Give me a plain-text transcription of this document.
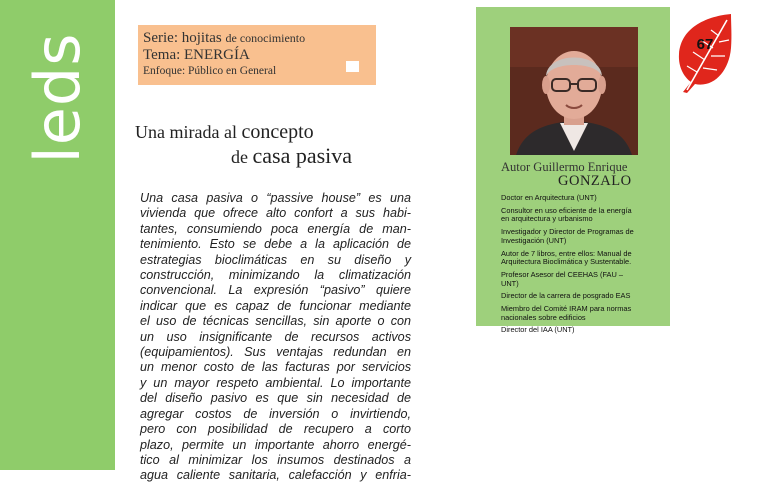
leds	Serie: hojitas de conocimiento
Tema: ENERGÍA
Enfoque: Público en General
Una mirada al concepto
de casa pasiva
Una casa pasiva o “passive house” es una
vivienda que ofrece alto confort a sus habi-
tantes, consumiendo poca energía de man-
tenimiento. Esto se debe a la aplicación de
estrategias bioclimáticas en su diseño y
construcción, minimizando la climatización
convencional. La expresión “pasivo” quiere
indicar que es capaz de funcionar mediante
el uso de técnicas sencillas, sin aporte o con
un uso insignificante de recursos activos
(equipamientos). Sus ventajas redundan en
un menor costo de las facturas por servicios
y un mayor respeto ambiental. Lo importante
del diseño pasivo es que sin necesidad de
agregar costos de inversión o invirtiendo,
pero con posibilidad de recupero a corto
plazo, permite un importante ahorro energé-
tico al minimizar los insumos destinados a
agua caliente sanitaria, calefacción y enfria-
Autor Guillermo Enrique
GONZALO
Doctor en Arquitectura (UNT)
Consultor en uso eficiente de la energía
en arquitectura y urbanismo
Investigador y Director de Programas de
Investigación (UNT)
Autor de 7 libros, entre ellos: Manual de
Arquitectura Bioclimática y Sustentable.
Profesor Asesor del CEEHAS (FAU –
UNT)
Director de la carrera de posgrado EAS
Miembro del Comité IRAM para normas
nacionales sobre edificios
Director del IAA (UNT)
67
